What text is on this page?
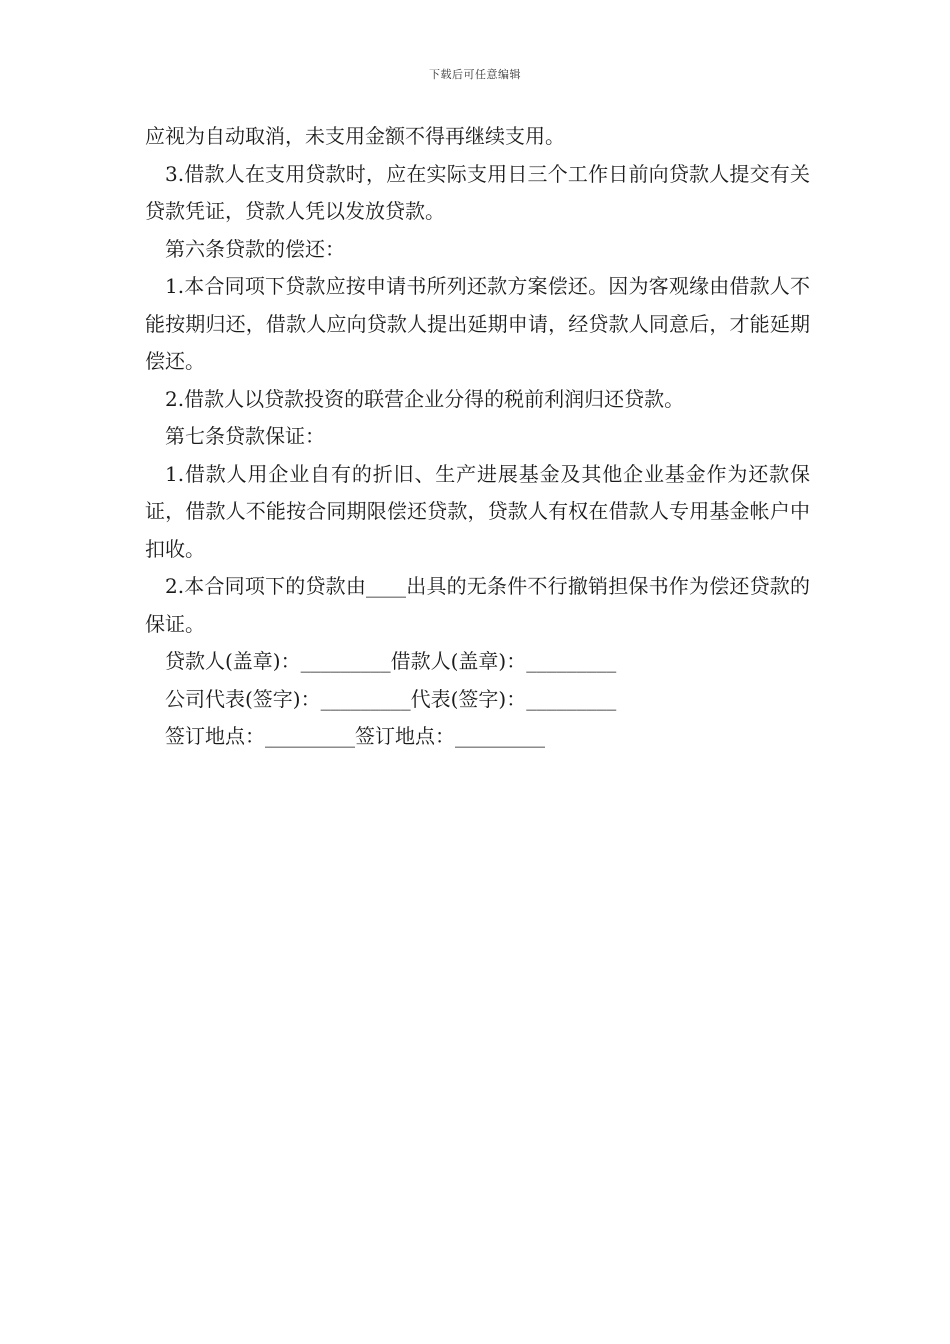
下载后可任意编辑

应视为自动取消，未支用金额不得再继续支用。

3.借款人在支用贷款时，应在实际支用日三个工作日前向贷款人提交有关贷款凭证，贷款人凭以发放贷款。

第六条贷款的偿还：

1.本合同项下贷款应按申请书所列还款方案偿还。因为客观缘由借款人不能按期归还，借款人应向贷款人提出延期申请，经贷款人同意后，才能延期偿还。

2.借款人以贷款投资的联营企业分得的税前利润归还贷款。

第七条贷款保证：

1.借款人用企业自有的折旧、生产进展基金及其他企业基金作为还款保证，借款人不能按合同期限偿还贷款，贷款人有权在借款人专用基金帐户中扣收。

2.本合同项下的贷款由____出具的无条件不行撤销担保书作为偿还贷款的保证。

贷款人(盖章)：_________借款人(盖章)：_________

公司代表(签字)：_________代表(签字)：_________

签订地点：_________签订地点：_________
